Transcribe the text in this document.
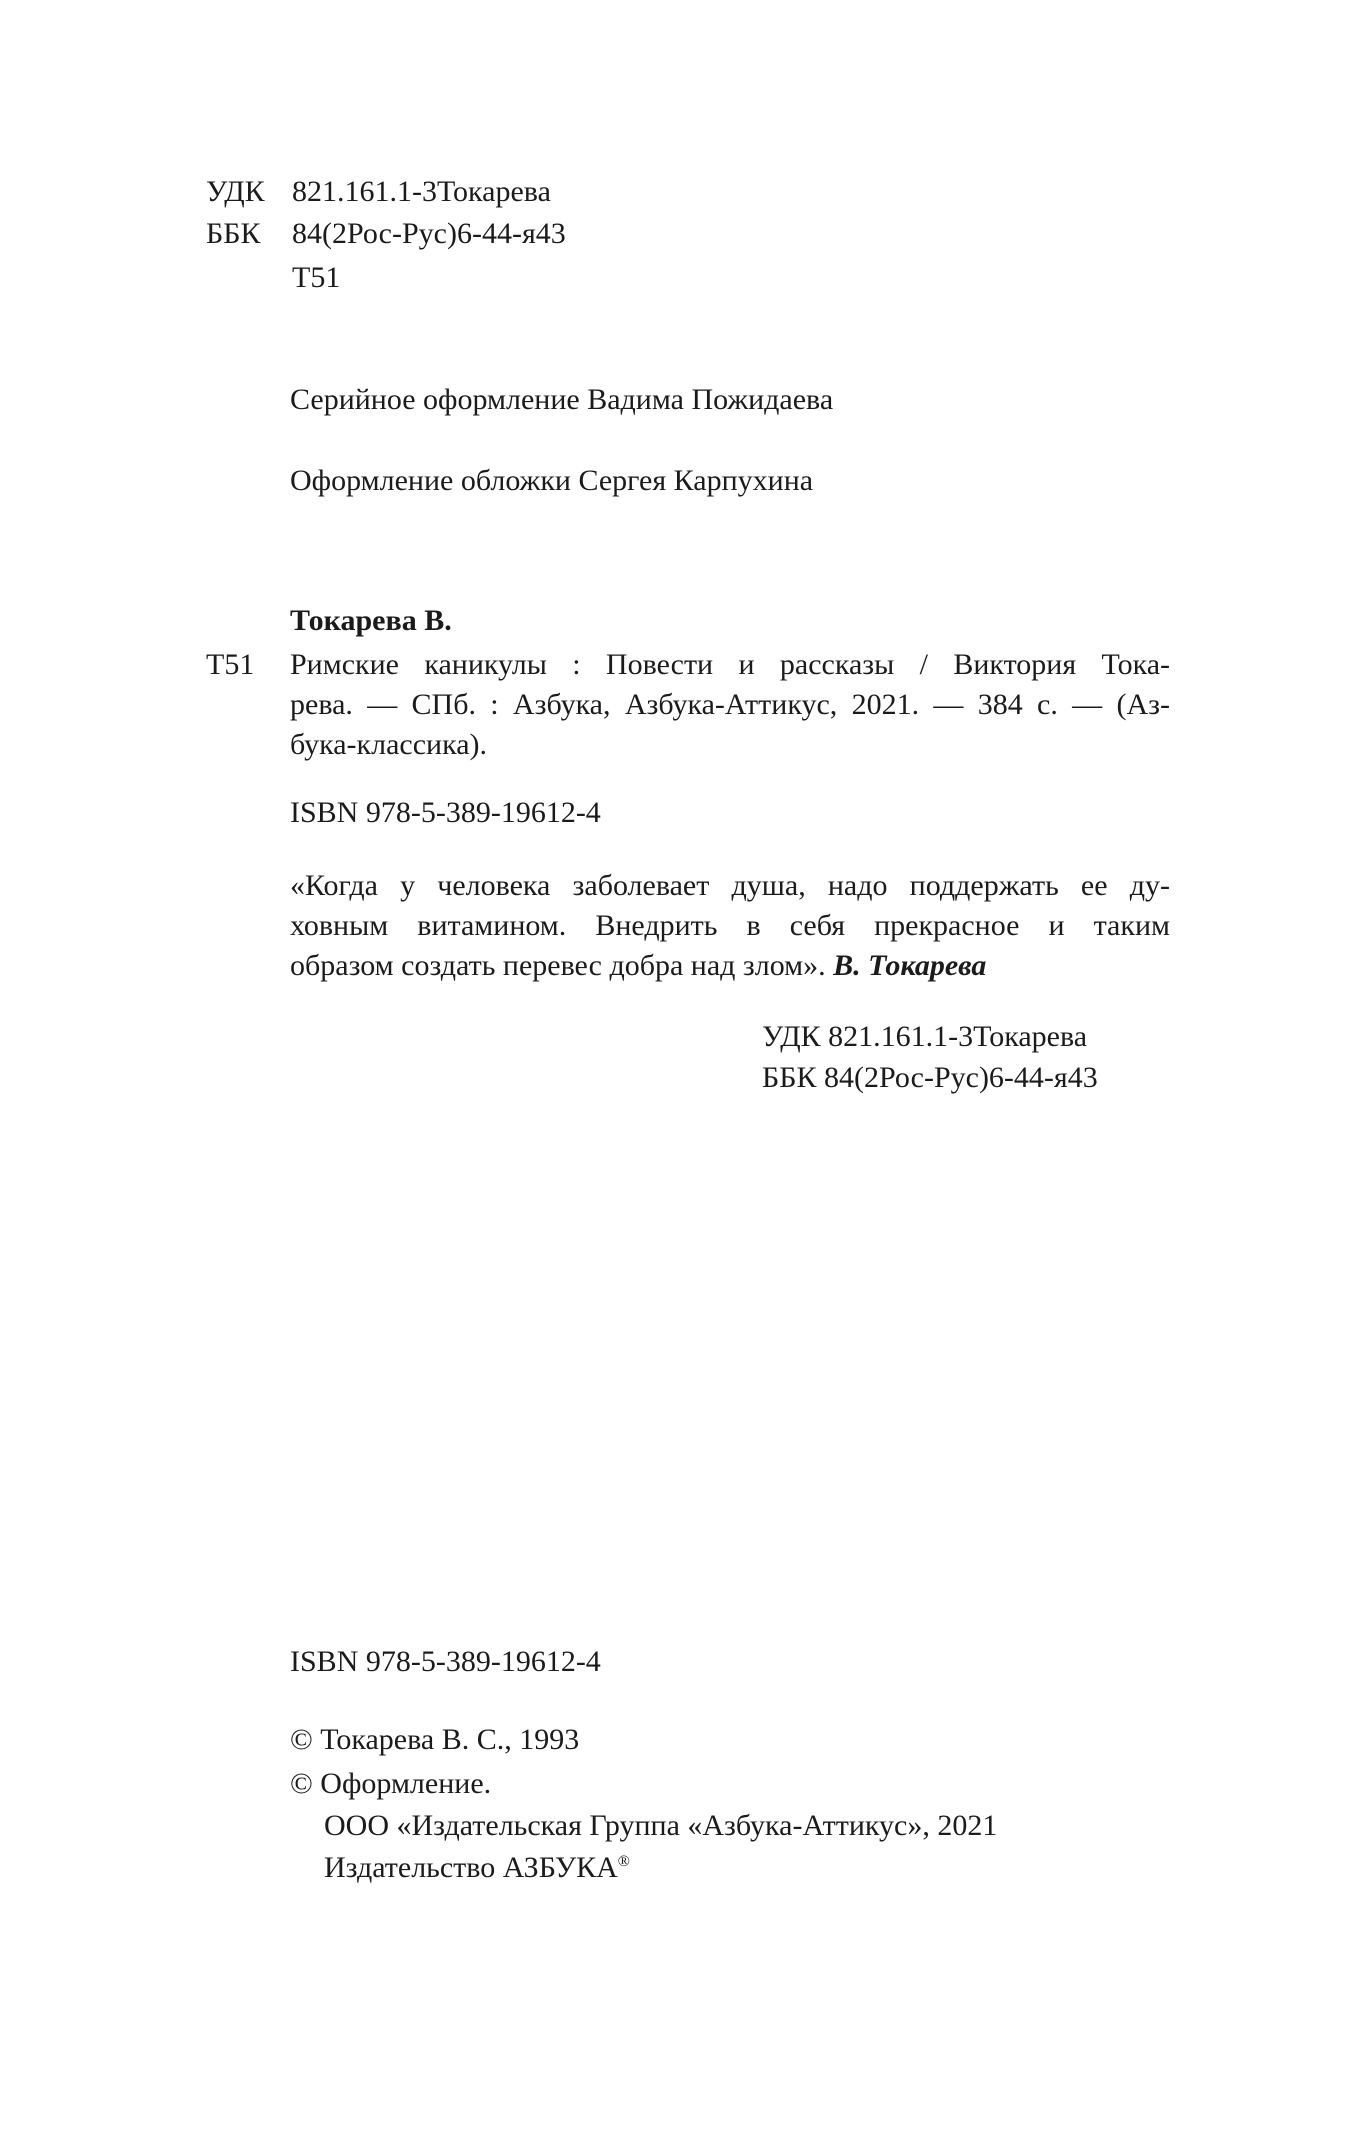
УДК 821.161.1-3Токарева
ББК 84(2Рос-Рус)6-44-я43
Т51
Серийное оформление Вадима Пожидаева
Оформление обложки Сергея Карпухина
Токарева В.
Т51 Римские каникулы : Повести и рассказы / Виктория Тока-
рева. — СПб. : Азбука, Азбука-Аттикус, 2021. — 384 с. — (Аз-
бука-классика).
ISBN 978-5-389-19612-4
«Когда у человека заболевает душа, надо поддержать ее ду-
ховным витамином. Внедрить в себя прекрасное и таким
образом создать перевес добра над злом». В. Токарева
УДК 821.161.1-3Токарева
ББК 84(2Рос-Рус)6-44-я43
ISBN 978-5-389-19612-4
© Токарева В. С., 1993
© Оформление.
ООО «Издательская Группа «Азбука-Аттикус», 2021
Издательство АЗБУКА®
